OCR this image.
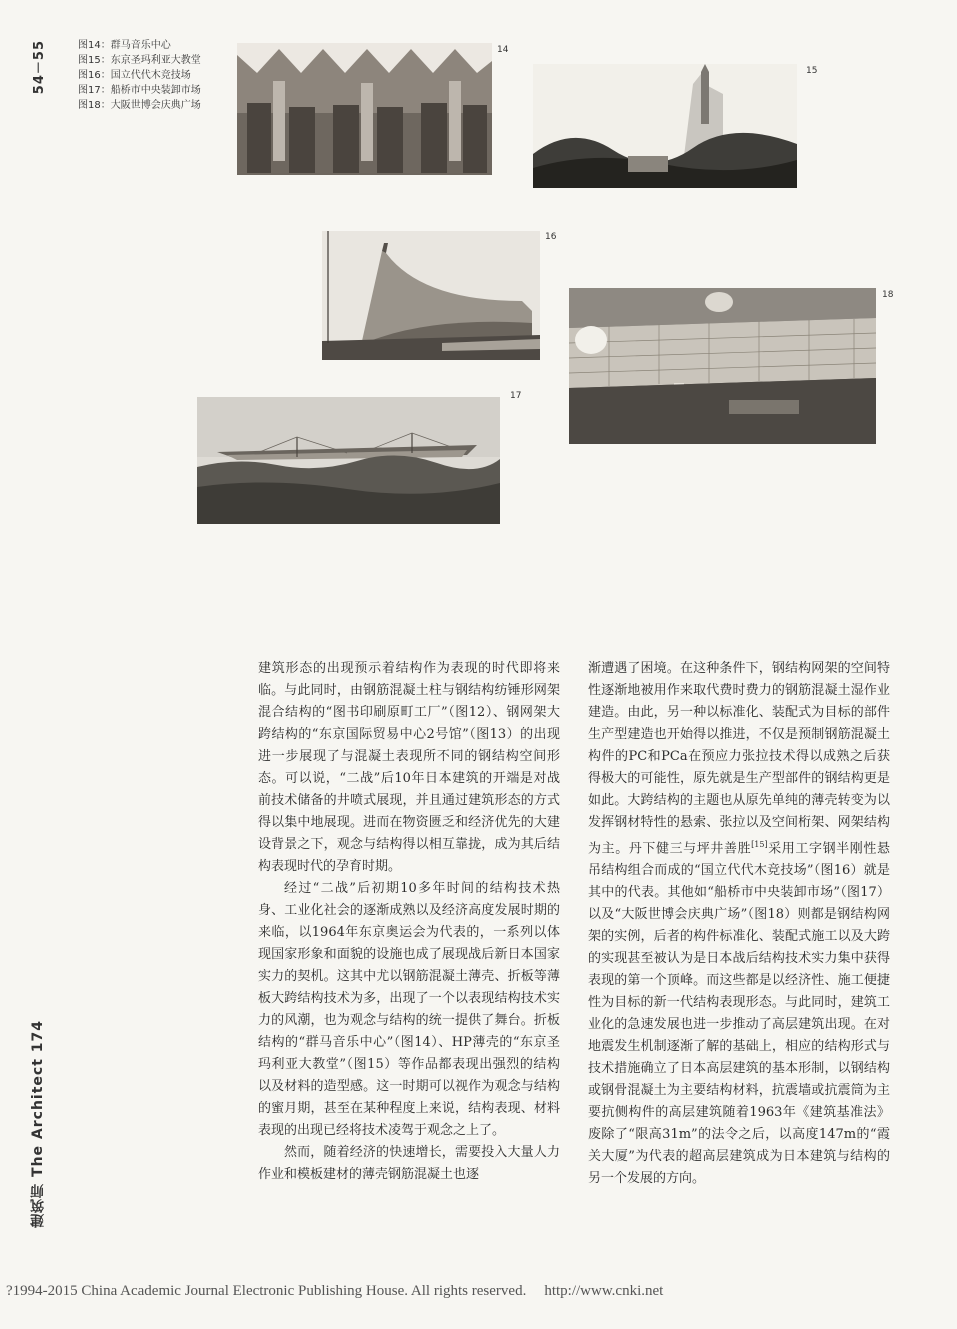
54－55	图14：群马音乐中心
图15：东京圣玛利亚大教堂
图16：国立代代木竞技场
图17：船桥市中央装卸市场
图18：大阪世博会庆典广场
14
15
16
18
17

建筑形态的出现预示着结构作为表现的时代即将来临。与此同时，由钢筋混凝土柱与钢结构纺锤形网架混合结构的“图书印刷原町工厂”（图12）、钢网架大跨结构的“东京国际贸易中心2号馆”（图13）的出现进一步展现了与混凝土表现所不同的钢结构空间形态。可以说，“二战”后10年日本建筑的开端是对战前技术储备的井喷式展现，并且通过建筑形态的方式得以集中地展现。进而在物资匮乏和经济优先的大建设背景之下，观念与结构得以相互靠拢，成为其后结构表现时代的孕育时期。

经过“二战”后初期10多年时间的结构技术热身、工业化社会的逐渐成熟以及经济高度发展时期的来临，以1964年东京奥运会为代表的，一系列以体现国家形象和面貌的设施也成了展现战后新日本国家实力的契机。这其中尤以钢筋混凝土薄壳、折板等薄板大跨结构技术为多，出现了一个以表现结构技术实力的风潮，也为观念与结构的统一提供了舞台。折板结构的“群马音乐中心”（图14）、HP薄壳的“东京圣玛利亚大教堂”（图15）等作品都表现出强烈的结构以及材料的造型感。这一时期可以视作为观念与结构的蜜月期，甚至在某种程度上来说，结构表现、材料表现的出现已经将技术凌驾于观念之上了。

然而，随着经济的快速增长，需要投入大量人力作业和模板建材的薄壳钢筋混凝土也逐

渐遭遇了困境。在这种条件下，钢结构网架的空间特性逐渐地被用作来取代费时费力的钢筋混凝土湿作业建造。由此，另一种以标准化、装配式为目标的部件生产型建造也开始得以推进，不仅是预制钢筋混凝土构件的PC和PCa在预应力张拉技术得以成熟之后获得极大的可能性，原先就是生产型部件的钢结构更是如此。大跨结构的主题也从原先单纯的薄壳转变为以发挥钢材特性的悬索、张拉以及空间桁架、网架结构为主。丹下健三与坪井善胜[15]采用工字钢半刚性悬吊结构组合而成的“国立代代木竞技场”（图16）就是其中的代表。其他如“船桥市中央装卸市场”（图17）以及“大阪世博会庆典广场”（图18）则都是钢结构网架的实例，后者的构件标准化、装配式施工以及大跨的实现甚至被认为是日本战后结构技术实力集中获得表现的第一个顶峰。而这些都是以经济性、施工便捷性为目标的新一代结构表现形态。与此同时，建筑工业化的急速发展也进一步推动了高层建筑出现。在对地震发生机制逐渐了解的基础上，相应的结构形式与技术措施确立了日本高层建筑的基本形制，以钢结构或钢骨混凝土为主要结构材料，抗震墙或抗震筒为主要抗侧构件的高层建筑随着1963年《建筑基准法》废除了“限高31m”的法令之后，以高度147m的“霞关大厦”为代表的超高层建筑成为日本建筑与结构的另一个发展的方向。

建筑师 The Architect 174
?1994-2015 China Academic Journal Electronic Publishing House. All rights reserved. http://www.cnki.net
